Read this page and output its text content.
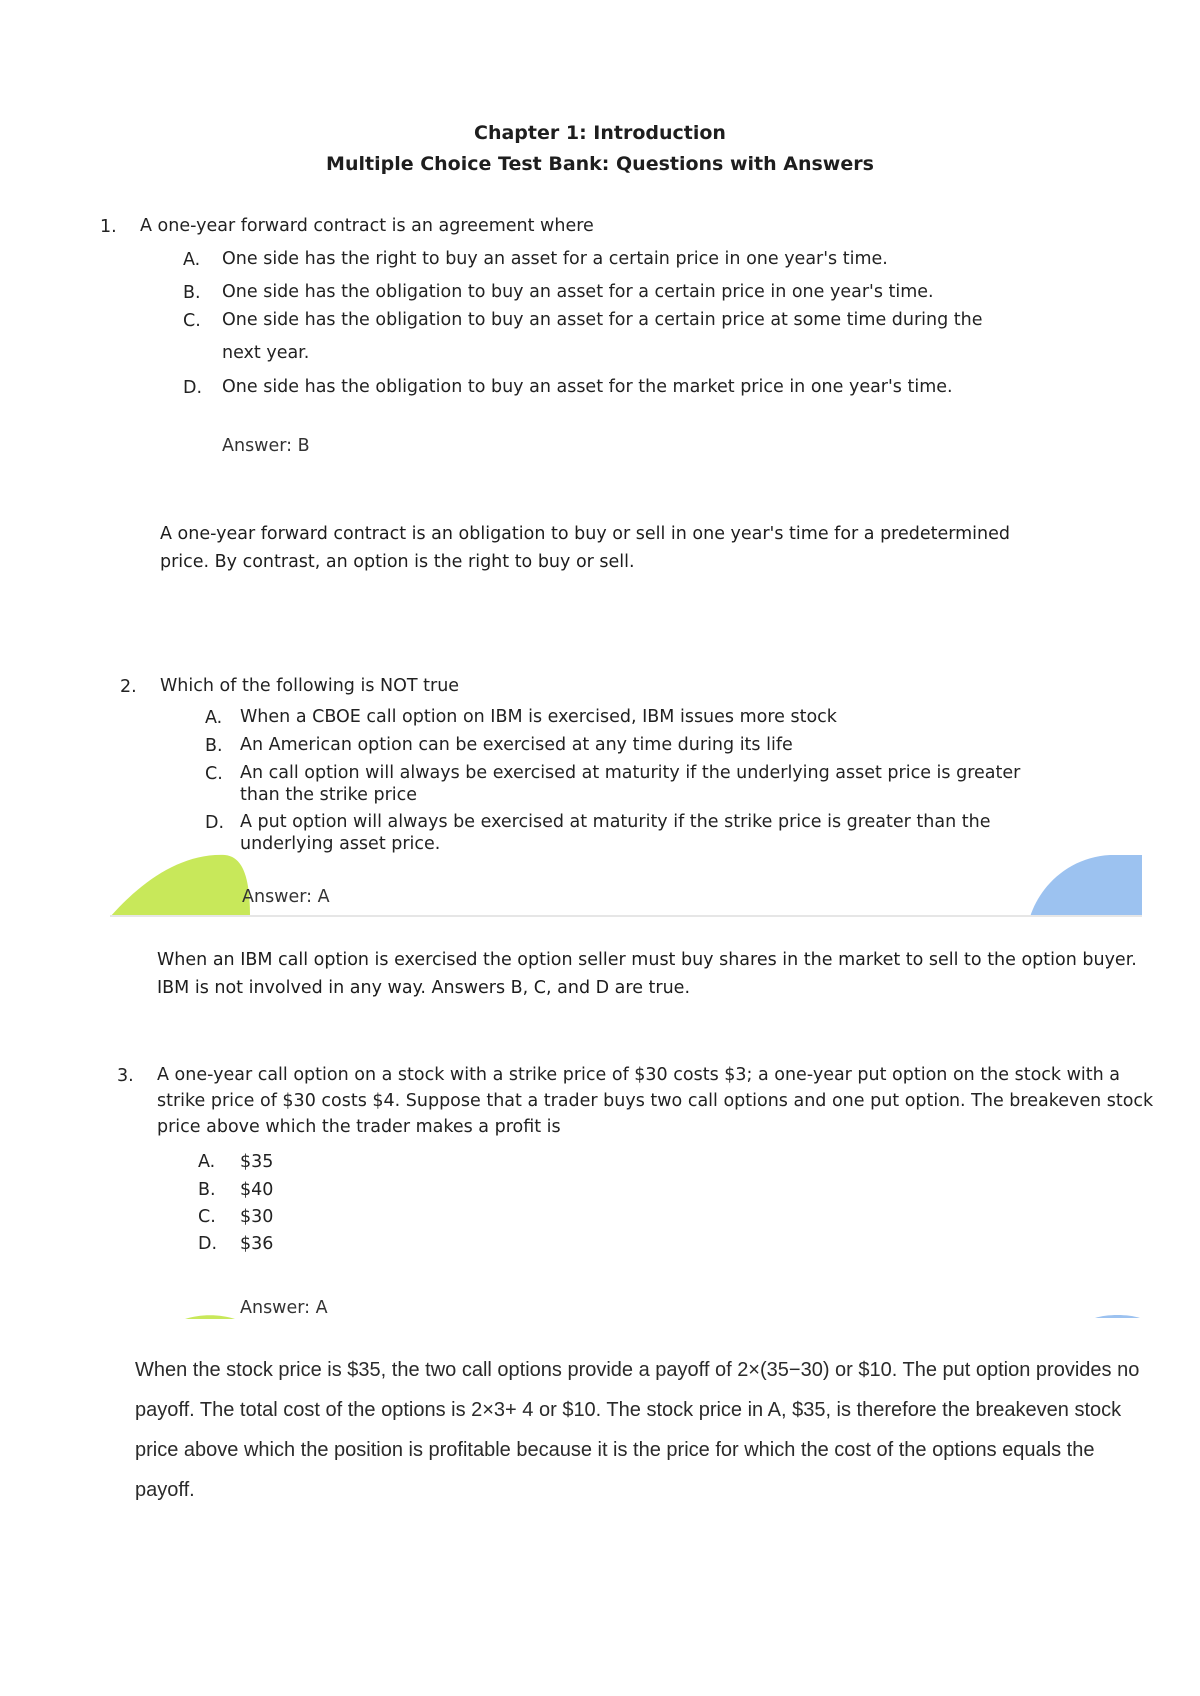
Chapter 1: Introduction
Multiple Choice Test Bank: Questions with Answers
1. A one-year forward contract is an agreement where

A. One side has the right to buy an asset for a certain price in one year's time.
B. One side has the obligation to buy an asset for a certain price in one year's time.
C. One side has the obligation to buy an asset for a certain price at some time during the
next year.
D. One side has the obligation to buy an asset for the market price in one year's time.
Answer: B

A one-year forward contract is an obligation to buy or sell in one year's time for a predetermined price. By contrast, an option is the right to buy or sell.

2. Which of the following is NOT true

A. When a CBOE call option on IBM is exercised, IBM issues more stock
B. An American option can be exercised at any time during its life
C. An call option will always be exercised at maturity if the underlying asset price is greater
than the strike price
D. A put option will always be exercised at maturity if the strike price is greater than the
underlying asset price.
Answer: A

When an IBM call option is exercised the option seller must buy shares in the market to sell to the option buyer. IBM is not involved in any way. Answers B, C, and D are true.

3. A one-year call option on a stock with a strike price of $30 costs $3; a one-year put option on the stock with a strike price of $30 costs $4. Suppose that a trader buys two call options and one put option. The breakeven stock price above which the trader makes a profit is

A. $35
B. $40
C. $30
D. $36
Answer: A

When the stock price is $35, the two call options provide a payoff of 2×(35−30) or $10. The put option provides no payoff. The total cost of the options is 2×3+ 4 or $10. The stock price in A, $35, is therefore the breakeven stock price above which the position is profitable because it is the price for which the cost of the options equals the payoff.
